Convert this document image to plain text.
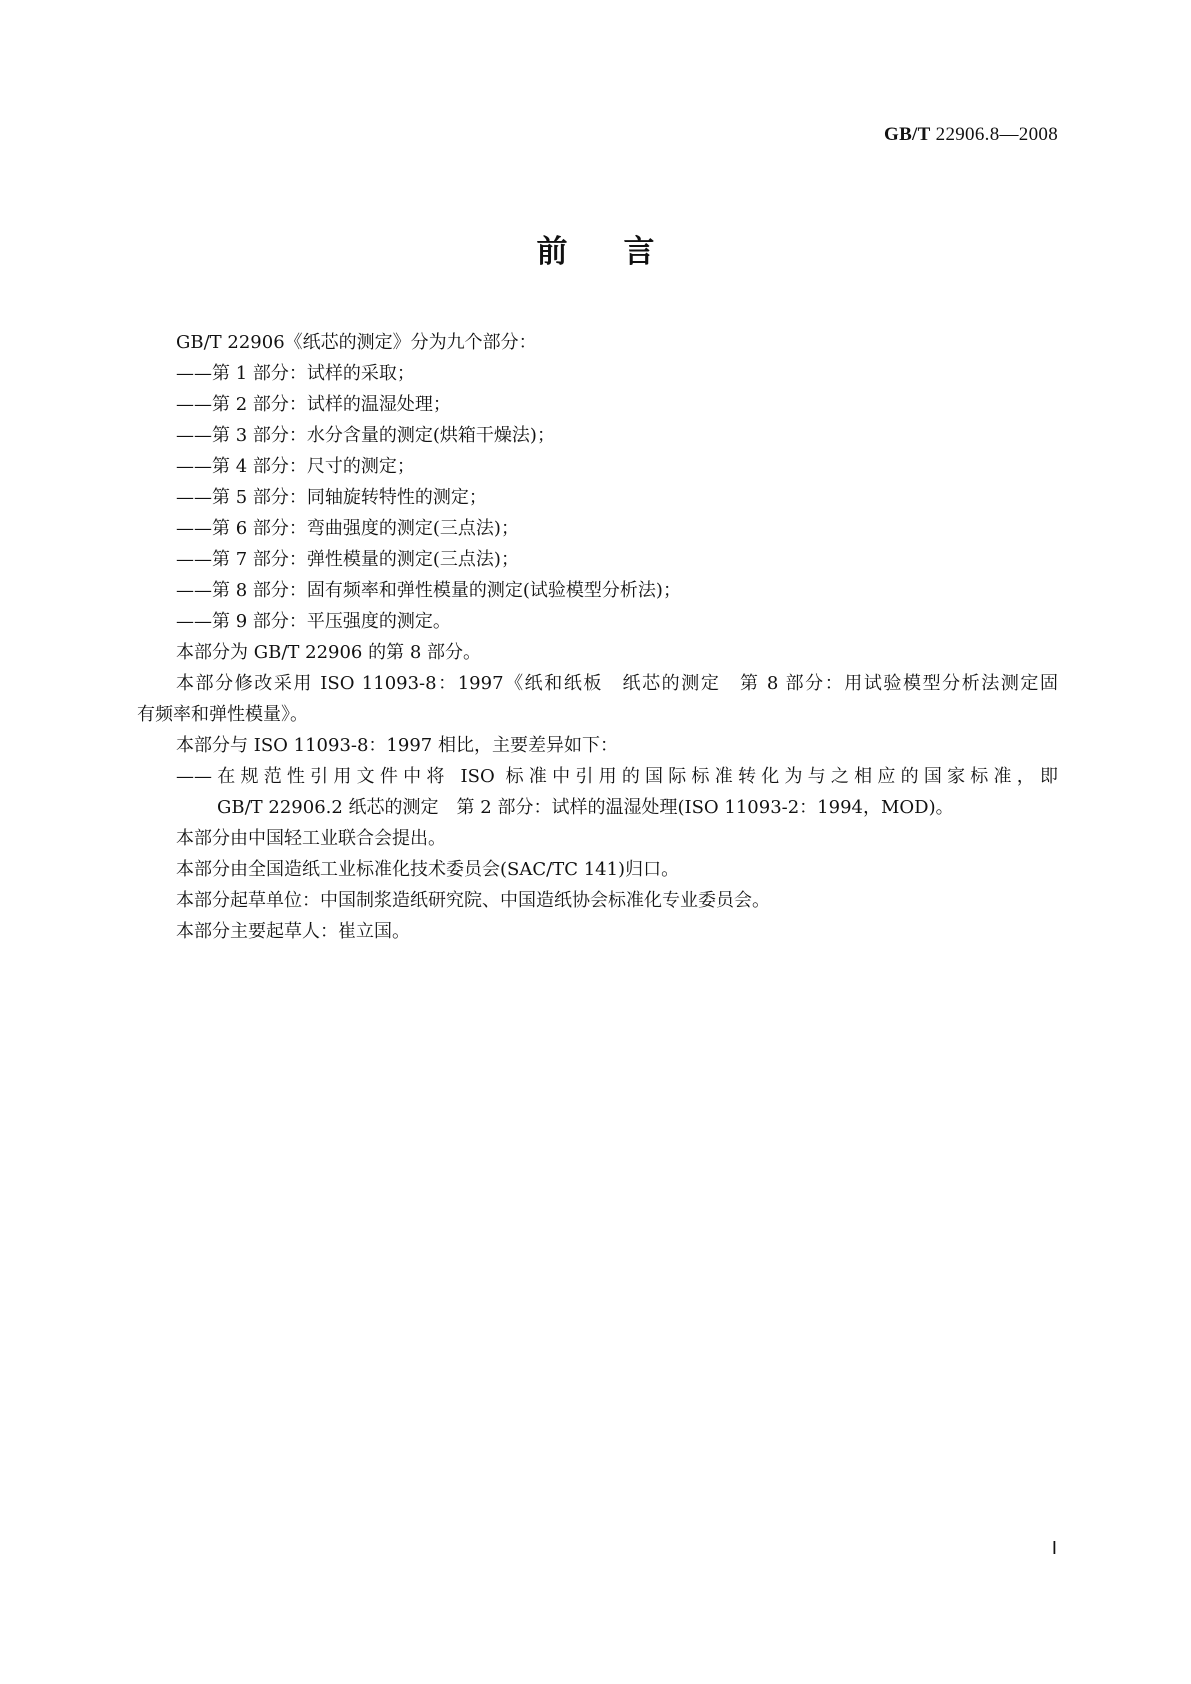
GB/T 22906.8—2008
前 言
GB/T 22906《纸芯的测定》分为九个部分：
——第 1 部分：试样的采取；
——第 2 部分：试样的温湿处理；
——第 3 部分：水分含量的测定(烘箱干燥法)；
——第 4 部分：尺寸的测定；
——第 5 部分：同轴旋转特性的测定；
——第 6 部分：弯曲强度的测定(三点法)；
——第 7 部分：弹性模量的测定(三点法)；
——第 8 部分：固有频率和弹性模量的测定(试验模型分析法)；
——第 9 部分：平压强度的测定。
本部分为 GB/T 22906 的第 8 部分。
本部分修改采用 ISO 11093-8：1997《纸和纸板　纸芯的测定　第 8 部分：用试验模型分析法测定固
有频率和弹性模量》。
本部分与 ISO 11093-8：1997 相比，主要差异如下：
——在规范性引用文件中将 ISO 标准中引用的国际标准转化为与之相应的国家标准，即
GB/T 22906.2 纸芯的测定　第 2 部分：试样的温湿处理(ISO 11093-2：1994，MOD)。
本部分由中国轻工业联合会提出。
本部分由全国造纸工业标准化技术委员会(SAC/TC 141)归口。
本部分起草单位：中国制浆造纸研究院、中国造纸协会标准化专业委员会。
本部分主要起草人：崔立国。
Ⅰ
